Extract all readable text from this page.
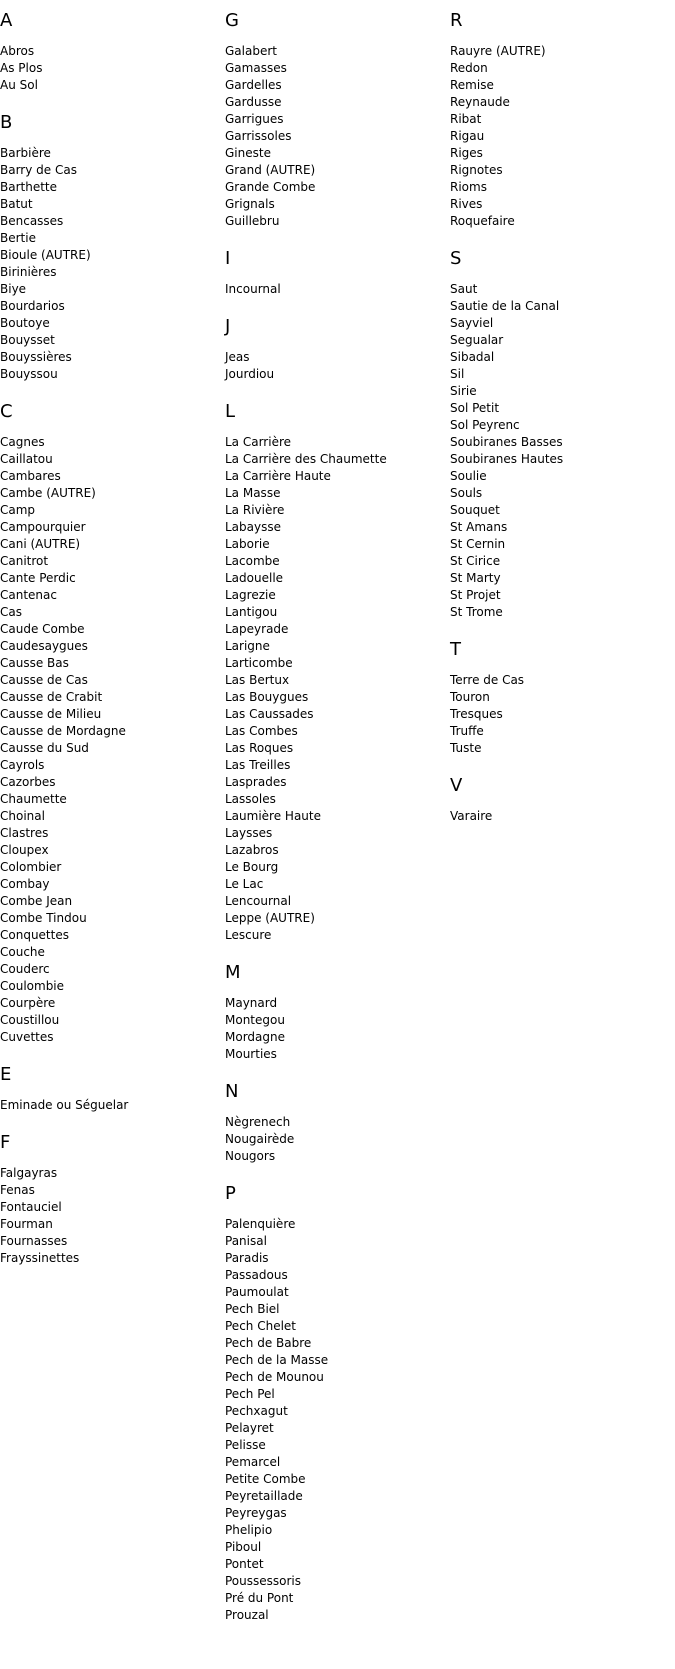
A
Abros
As Plos
Au Sol
B
Barbière
Barry de Cas
Barthette
Batut
Bencasses
Bertie
Bioule (AUTRE)
Birinières
Biye
Bourdarios
Boutoye
Bouysset
Bouyssières
Bouyssou
C
Cagnes
Caillatou
Cambares
Cambe (AUTRE)
Camp
Campourquier
Cani (AUTRE)
Canitrot
Cante Perdic
Cantenac
Cas
Caude Combe
Caudesaygues
Causse Bas
Causse de Cas
Causse de Crabit
Causse de Milieu
Causse de Mordagne
Causse du Sud
Cayrols
Cazorbes
Chaumette
Choinal
Clastres
Cloupex
Colombier
Combay
Combe Jean
Combe Tindou
Conquettes
Couche
Couderc
Coulombie
Courpère
Coustillou
Cuvettes
E
Eminade ou Séguelar
F
Falgayras
Fenas
Fontauciel
Fourman
Fournasses
Frayssinettes
G
Galabert
Gamasses
Gardelles
Gardusse
Garrigues
Garrissoles
Gineste
Grand (AUTRE)
Grande Combe
Grignals
Guillebru
I
Incournal
J
Jeas
Jourdiou
L
La Carrière
La Carrière des Chaumette
La Carrière Haute
La Masse
La Rivière
Labaysse
Laborie
Lacombe
Ladouelle
Lagrezie
Lantigou
Lapeyrade
Larigne
Larticombe
Las Bertux
Las Bouygues
Las Caussades
Las Combes
Las Roques
Las Treilles
Lasprades
Lassoles
Laumière Haute
Laysses
Lazabros
Le Bourg
Le Lac
Lencournal
Leppe (AUTRE)
Lescure
M
Maynard
Montegou
Mordagne
Mourties
N
Nègrenech
Nougairède
Nougors
P
Palenquière
Panisal
Paradis
Passadous
Paumoulat
Pech Biel
Pech Chelet
Pech de Babre
Pech de la Masse
Pech de Mounou
Pech Pel
Pechxagut
Pelayret
Pelisse
Pemarcel
Petite Combe
Peyretaillade
Peyreygas
Phelipio
Piboul
Pontet
Poussessoris
Pré du Pont
Prouzal
R
Rauyre (AUTRE)
Redon
Remise
Reynaude
Ribat
Rigau
Riges
Rignotes
Rioms
Rives
Roquefaire
S
Saut
Sautie de la Canal
Sayviel
Segualar
Sibadal
Sil
Sirie
Sol Petit
Sol Peyrenc
Soubiranes Basses
Soubiranes Hautes
Soulie
Souls
Souquet
St Amans
St Cernin
St Cirice
St Marty
St Projet
St Trome
T
Terre de Cas
Touron
Tresques
Truffe
Tuste
V
Varaire
